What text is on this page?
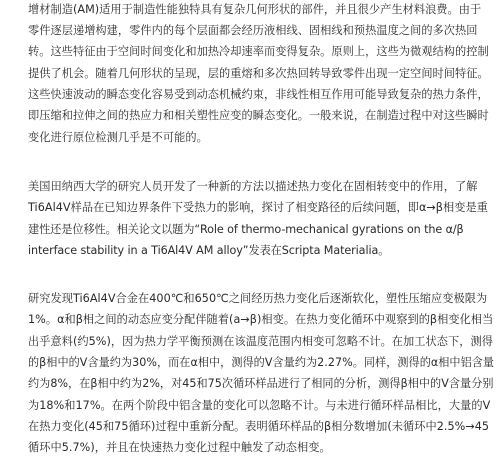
增材制造(AM)适用于制造性能独特具有复杂几何形状的部件，并且很少产生材料浪费。由于
零件逐层递增构建，零件内的每个层面都会经历液相线、固相线和预热温度之间的多次热回
转。这些特征由于空间时间变化和加热冷却速率而变得复杂。原则上，这些为微观结构的控制
提供了机会。随着几何形状的呈现，层的重熔和多次热回转导致零件出现一定空间时间特征。
这些快速波动的瞬态变化容易受到动态机械约束，非线性相互作用可能导致复杂的热力条件，
即压缩和拉伸之间的热应力和相关塑性应变的瞬态变化。一般来说，在制造过程中对这些瞬时
变化进行原位检测几乎是不可能的。
美国田纳西大学的研究人员开发了一种新的方法以描述热力变化在固相转变中的作用，了解
Ti6Al4V样品在已知边界条件下受热力的影响，探讨了相变路径的后续问题，即α→β相变是重
建性还是位移性。相关论文以题为“Role of thermo-mechanical gyrations on the α/β
interface stability in a Ti6Al4V AM alloy”发表在Scripta Materialia。
研究发现Ti6Al4V合金在400℃和650℃之间经历热力变化后逐渐软化，塑性压缩应变极限为
1%。α和β相之间的动态应变分配伴随着(a→β)相变。在热力变化循环中观察到的β相变化相当
出乎意料(约5%)，因为热力学平衡预测在该温度范围内相变可忽略不计。在加工状态下，测得
的β相中的V含量约为30%，而在α相中，测得的V含量约为2.27%。同样，测得的α相中铝含量
约为8%，在β相中约为2%，对45和75次循环样品进行了相同的分析，测得β相中的V含量分别
为18%和17%。在两个阶段中铝含量的变化可以忽略不计。与未进行循环样品相比，大量的V
在热力变化(45和75循环)过程中重新分配。表明循环样品的β相分数增加(未循环中2.5%→45
循环中5.7%)，并且在快速热力变化过程中触发了动态相变。
